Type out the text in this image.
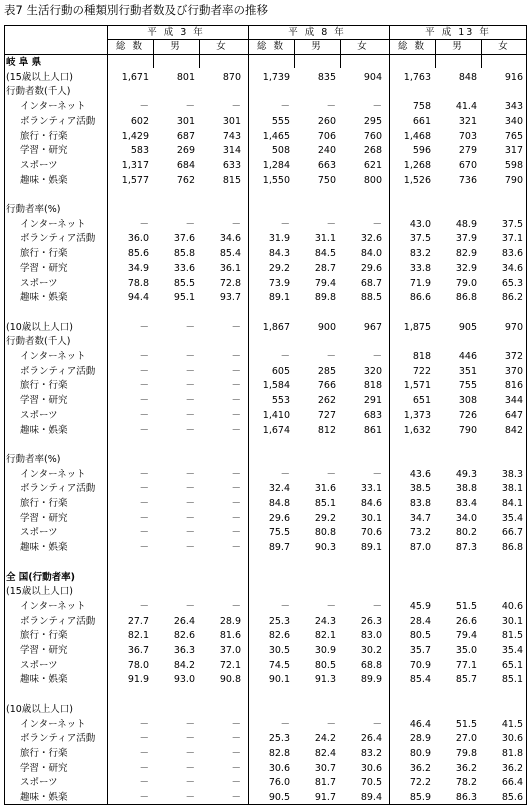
表7 生活行動の種類別行動者数及び行動者率の推移
平 成 3 年	平 成 8 年	平 成 13 年
総 数	男	女	総 数	男	女	総 数	男	女
岐 阜 県
(15歳以上人口)	1,671	801	870	1,739	835	904	1,763	848	916
行動者数(千人)
インターネット	－	－	－	－	－	－	758	41.4	343
ボランティア活動	602	301	301	555	260	295	661	321	340
旅行・行楽	1,429	687	743	1,465	706	760	1,468	703	765
学習・研究	583	269	314	508	240	268	596	279	317
スポーツ	1,317	684	633	1,284	663	621	1,268	670	598
趣味・娯楽	1,577	762	815	1,550	750	800	1,526	736	790
行動者率(%)
インターネット	－	－	－	－	－	－	43.0	48.9	37.5
ボランティア活動	36.0	37.6	34.6	31.9	31.1	32.6	37.5	37.9	37.1
旅行・行楽	85.6	85.8	85.4	84.3	84.5	84.0	83.2	82.9	83.6
学習・研究	34.9	33.6	36.1	29.2	28.7	29.6	33.8	32.9	34.6
スポーツ	78.8	85.5	72.8	73.9	79.4	68.7	71.9	79.0	65.3
趣味・娯楽	94.4	95.1	93.7	89.1	89.8	88.5	86.6	86.8	86.2
(10歳以上人口)	－	－	－	1,867	900	967	1,875	905	970
行動者数(千人)
インターネット	－	－	－	－	－	－	818	446	372
ボランティア活動	－	－	－	605	285	320	722	351	370
旅行・行楽	－	－	－	1,584	766	818	1,571	755	816
学習・研究	－	－	－	553	262	291	651	308	344
スポーツ	－	－	－	1,410	727	683	1,373	726	647
趣味・娯楽	－	－	－	1,674	812	861	1,632	790	842
行動者率(%)
インターネット	－	－	－	－	－	－	43.6	49.3	38.3
ボランティア活動	－	－	－	32.4	31.6	33.1	38.5	38.8	38.1
旅行・行楽	－	－	－	84.8	85.1	84.6	83.8	83.4	84.1
学習・研究	－	－	－	29.6	29.2	30.1	34.7	34.0	35.4
スポーツ	－	－	－	75.5	80.8	70.6	73.2	80.2	66.7
趣味・娯楽	－	－	－	89.7	90.3	89.1	87.0	87.3	86.8
全 国(行動者率)
(15歳以上人口)
インターネット	－	－	－	－	－	－	45.9	51.5	40.6
ボランティア活動	27.7	26.4	28.9	25.3	24.3	26.3	28.4	26.6	30.1
旅行・行楽	82.1	82.6	81.6	82.6	82.1	83.0	80.5	79.4	81.5
学習・研究	36.7	36.3	37.0	30.5	30.9	30.2	35.7	35.0	35.4
スポーツ	78.0	84.2	72.1	74.5	80.5	68.8	70.9	77.1	65.1
趣味・娯楽	91.9	93.0	90.8	90.1	91.3	89.9	85.4	85.7	85.1
(10歳以上人口)
インターネット	－	－	－	－	－	－	46.4	51.5	41.5
ボランティア活動	－	－	－	25.3	24.2	26.4	28.9	27.0	30.6
旅行・行楽	－	－	－	82.8	82.4	83.2	80.9	79.8	81.8
学習・研究	－	－	－	30.6	30.7	30.6	36.2	36.2	36.2
スポーツ	－	－	－	76.0	81.7	70.5	72.2	78.2	66.4
趣味・娯楽	－	－	－	90.5	91.7	89.4	85.9	86.3	85.6
